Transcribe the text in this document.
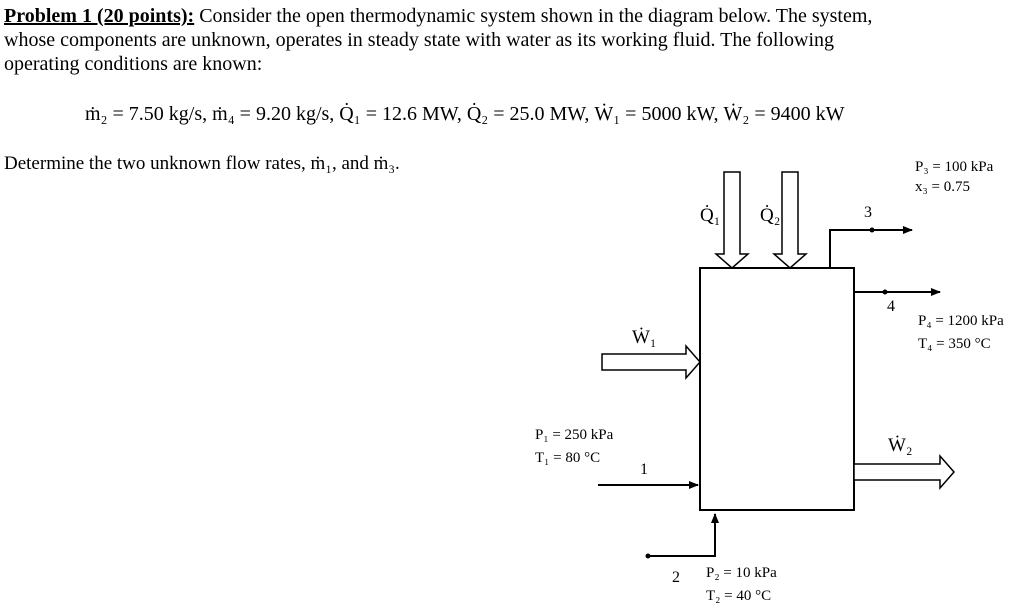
Problem 1 (20 points): Consider the open thermodynamic system shown in the diagram below. The system,
whose components are unknown, operates in steady state with water as its working fluid. The following
operating conditions are known:
ṁ₂ = 7.50 kg/s, ṁ₄ = 9.20 kg/s, Q̇₁ = 12.6 MW, Q̇₂ = 25.0 MW, Ẇ₁ = 5000 kW, Ẇ₂ = 9400 kW
Determine the two unknown flow rates, ṁ₁, and ṁ₃.
Q̇₁ Q̇₂
Ẇ₁
Ẇ₂
1
2
3
4
P₁ = 250 kPa
T₁ = 80 °C
P₂ = 10 kPa
T₂ = 40 °C
P₃ = 100 kPa
x₃ = 0.75
P₄ = 1200 kPa
T₄ = 350 °C
